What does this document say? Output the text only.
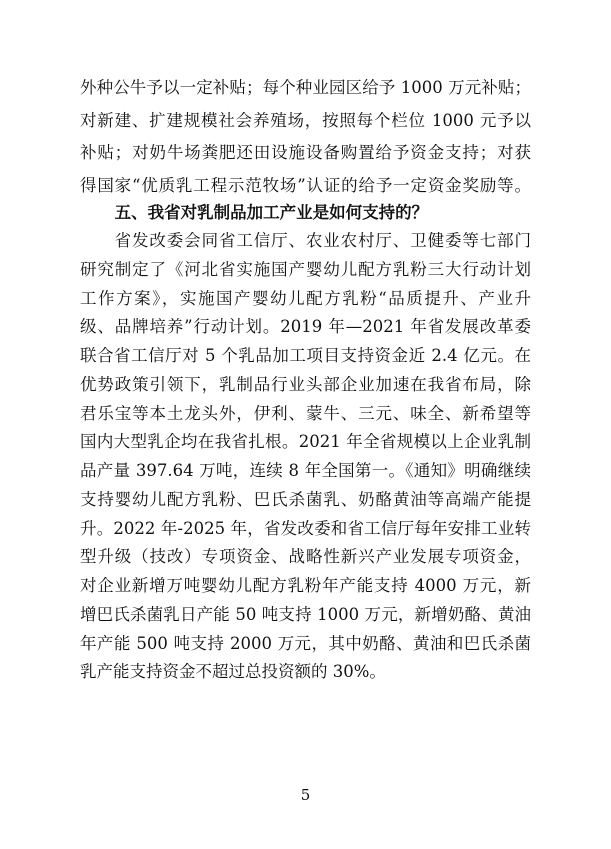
外种公牛予以一定补贴；每个种业园区给予 1000 万元补贴；
对新建、扩建规模社会养殖场，按照每个栏位 1000 元予以
补贴；对奶牛场粪肥还田设施设备购置给予资金支持；对获
得国家“优质乳工程示范牧场”认证的给予一定资金奖励等。
五、我省对乳制品加工产业是如何支持的？
省发改委会同省工信厅、农业农村厅、卫健委等七部门
研究制定了《河北省实施国产婴幼儿配方乳粉三大行动计划
工作方案》，实施国产婴幼儿配方乳粉“品质提升、产业升
级、品牌培养”行动计划。2019 年—2021 年省发展改革委
联合省工信厅对 5 个乳品加工项目支持资金近 2.4 亿元。在
优势政策引领下，乳制品行业头部企业加速在我省布局，除
君乐宝等本土龙头外，伊利、蒙牛、三元、味全、新希望等
国内大型乳企均在我省扎根。2021 年全省规模以上企业乳制
品产量 397.64 万吨，连续 8 年全国第一。《通知》明确继续
支持婴幼儿配方乳粉、巴氏杀菌乳、奶酪黄油等高端产能提
升。2022 年-2025 年，省发改委和省工信厅每年安排工业转
型升级（技改）专项资金、战略性新兴产业发展专项资金，
对企业新增万吨婴幼儿配方乳粉年产能支持 4000 万元，新
增巴氏杀菌乳日产能 50 吨支持 1000 万元，新增奶酪、黄油
年产能 500 吨支持 2000 万元，其中奶酪、黄油和巴氏杀菌
乳产能支持资金不超过总投资额的 30%。
5
